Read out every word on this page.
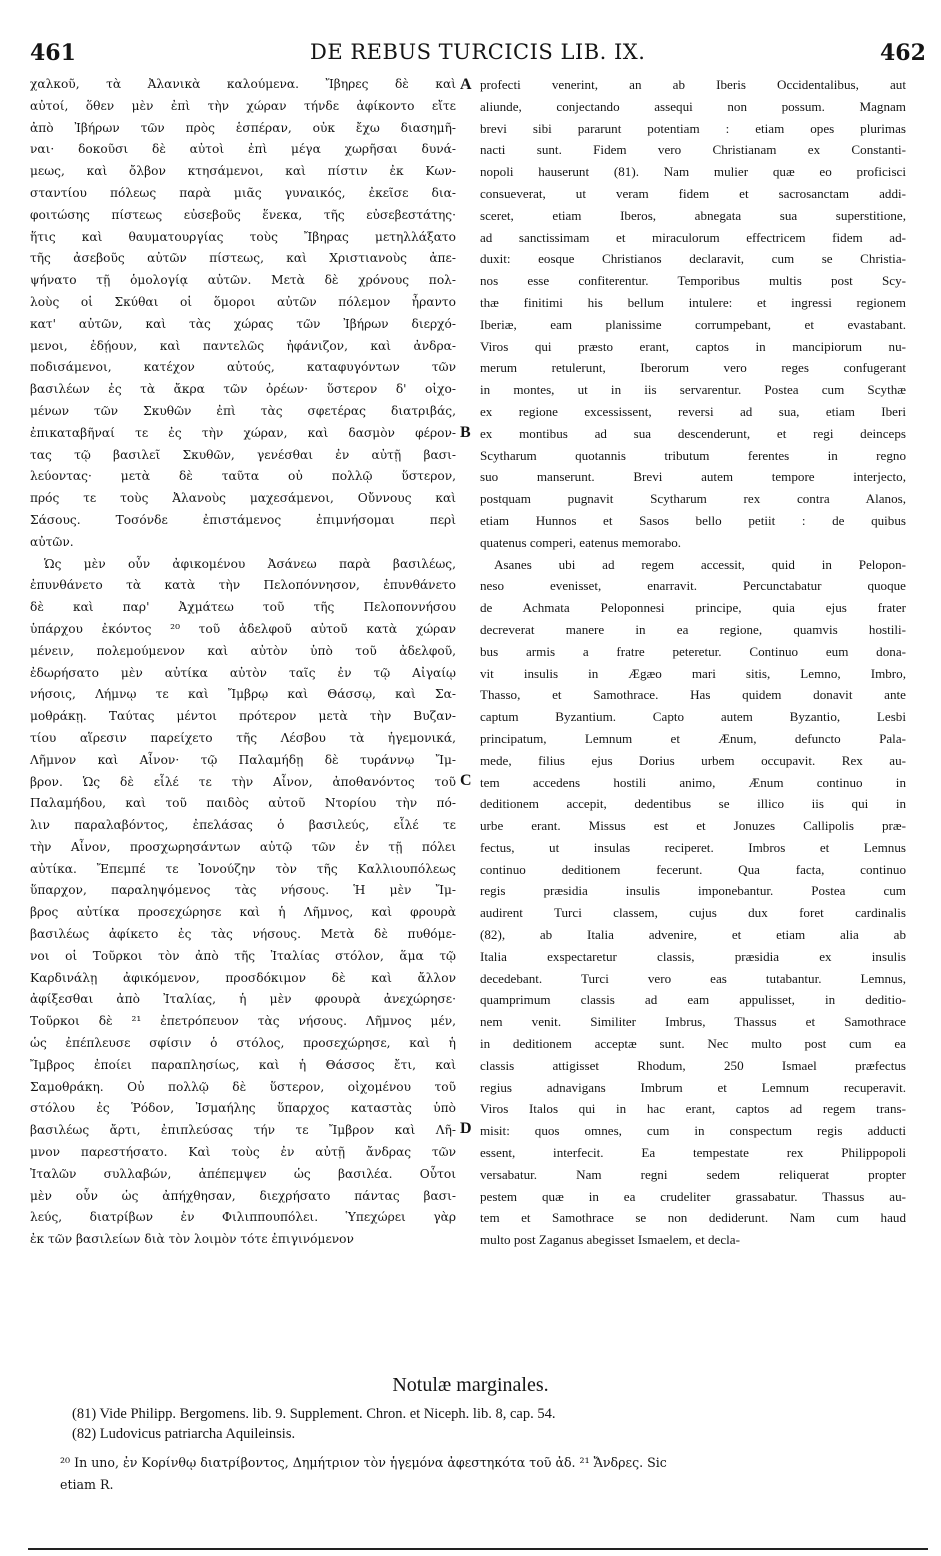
461	DE REBUS TURCICIS LIB. IX.	462

χαλκοῦ, τὰ Ἀλανικὰ καλούμενα. Ἴβηρες δὲ καὶ

αὐτοί, ὅθεν μὲν ἐπὶ τὴν χώραν τήνδε ἀφίκοντο εἴτε

ἀπὸ Ἰβήρων τῶν πρὸς ἑσπέραν, οὐκ ἔχω διασημῆ-

ναι· δοκοῦσι δὲ αὐτοὶ ἐπὶ μέγα χωρῆσαι δυνά-

μεως, καὶ ὄλβον κτησάμενοι, καὶ πίστιν ἐκ Κων-

σταντίου πόλεως παρὰ μιᾶς γυναικός, ἐκεῖσε δια-

φοιτώσης πίστεως εὐσεβοῦς ἕνεκα, τῆς εὐσεβεστάτης·

ἥτις καὶ θαυματουργίας τοὺς Ἴβηρας μετηλλάξατο

τῆς ἀσεβοῦς αὐτῶν πίστεως, καὶ Χριστιανοὺς ἀπε-

ψήνατο τῇ ὁμολογίᾳ αὐτῶν. Μετὰ δὲ χρόνους πολ-

λοὺς οἱ Σκύθαι οἱ ὅμοροι αὐτῶν πόλεμον ἦραντο

κατ' αὐτῶν, καὶ τὰς χώρας τῶν Ἰβήρων διερχό-

μενοι, ἐδῄουν, καὶ παντελῶς ἠφάνιζον, καὶ ἀνδρα-

ποδισάμενοι, κατέχον αὐτούς, καταφυγόντων τῶν

βασιλέων ἐς τὰ ἄκρα τῶν ὀρέων· ὕστερον δ' οἰχο-

μένων τῶν Σκυθῶν ἐπὶ τὰς σφετέρας διατριβάς,

ἐπικαταβῆναί τε ἐς τὴν χώραν, καὶ δασμὸν φέρον-

τας τῷ βασιλεῖ Σκυθῶν, γενέσθαι ἐν αὐτῇ βασι-

λεύοντας· μετὰ δὲ ταῦτα οὐ πολλῷ ὕστερον,

πρός τε τοὺς Ἀλανοὺς μαχεσάμενοι, Οὔννους καὶ

Σάσους. Τοσόνδε ἐπιστάμενος ἐπιμνήσομαι περὶ

αὐτῶν.

Ὡς μὲν οὖν ἀφικομένου Ἀσάνεω παρὰ βασιλέως,

ἐπυνθάνετο τὰ κατὰ τὴν Πελοπόννησον, ἐπυνθάνετο

δὲ καὶ παρ' Ἀχμάτεω τοῦ τῆς Πελοποννήσου

ὑπάρχου ἐκόντος ²⁰ τοῦ ἀδελφοῦ αὐτοῦ κατὰ χώραν

μένειν, πολεμούμενον καὶ αὐτὸν ὑπὸ τοῦ ἀδελφοῦ,

ἐδωρήσατο μὲν αὐτίκα αὐτὸν ταῖς ἐν τῷ Αἰγαίῳ

νήσοις, Λήμνῳ τε καὶ Ἴμβρῳ καὶ Θάσσῳ, καὶ Σα-

μοθράκῃ. Ταύτας μέντοι πρότερον μετὰ τὴν Βυζαν-

τίου αἵρεσιν παρείχετο τῆς Λέσβου τὰ ἡγεμονικά,

Λῆμνον καὶ Αἶνον· τῷ Παλαμήδῃ δὲ τυράννῳ Ἴμ-

βρον. Ὡς δὲ εἷλέ τε τὴν Αἶνον, ἀποθανόντος τοῦ

Παλαμήδου, καὶ τοῦ παιδὸς αὐτοῦ Ντορίου τὴν πό-

λιν παραλαβόντος, ἐπελάσας ὁ βασιλεύς, εἷλέ τε

τὴν Αἶνον, προσχωρησάντων αὐτῷ τῶν ἐν τῇ πόλει

αὐτίκα. Ἔπεμπέ τε Ἰονούζην τὸν τῆς Καλλιουπόλεως

ὕπαρχον, παραληψόμενος τὰς νήσους. Ἡ μὲν Ἴμ-

βρος αὐτίκα προσεχώρησε καὶ ἡ Λῆμνος, καὶ φρουρὰ

βασιλέως ἀφίκετο ἐς τὰς νήσους. Μετὰ δὲ πυθόμε-

νοι οἱ Τοῦρκοι τὸν ἀπὸ τῆς Ἰταλίας στόλον, ἅμα τῷ

Καρδινάλῃ ἀφικόμενον, προσδόκιμον δὲ καὶ ἄλλον

ἀφίξεσθαι ἀπὸ Ἰταλίας, ἡ μὲν φρουρὰ ἀνεχώρησε·

Τοῦρκοι δὲ ²¹ ἐπετρόπευον τὰς νήσους. Λῆμνος μέν,

ὡς ἐπέπλευσε σφίσιν ὁ στόλος, προσεχώρησε, καὶ ἡ

Ἴμβρος ἐποίει παραπλησίως, καὶ ἡ Θάσσος ἔτι, καὶ

Σαμοθράκη. Οὐ πολλῷ δὲ ὕστερον, οἰχομένου τοῦ

στόλου ἐς Ῥόδον, Ἰσμαήλης ὕπαρχος καταστὰς ὑπὸ

βασιλέως ἄρτι, ἐπιπλεύσας τήν τε Ἴμβρον καὶ Λῆ-

μνον παρεστήσατο. Καὶ τοὺς ἐν αὐτῇ ἄνδρας τῶν

Ἰταλῶν συλλαβών, ἀπέπεμψεν ὡς βασιλέα. Οὗτοι

μὲν οὖν ὡς ἀπήχθησαν, διεχρήσατο πάντας βασι-

λεύς, διατρίβων ἐν Φιλιππουπόλει. Ὑπεχώρει γὰρ

ἐκ τῶν βασιλείων διὰ τὸν λοιμὸν τότε ἐπιγινόμενον

profecti venerint, an ab Iberis Occidentalibus, aut

aliunde, conjectando assequi non possum. Magnam

brevi sibi pararunt potentiam : etiam opes plurimas

nacti sunt. Fidem vero Christianam ex Constanti-

nopoli hauserunt (81). Nam mulier quæ eo proficisci

consueverat, ut veram fidem et sacrosanctam addi-

sceret, etiam Iberos, abnegata sua superstitione,

ad sanctissimam et miraculorum effectricem fidem ad-

duxit: eosque Christianos declaravit, cum se Christia-

nos esse confiterentur. Temporibus multis post Scy-

thæ finitimi his bellum intulere: et ingressi regionem

Iberiæ, eam planissime corrumpebant, et evastabant.

Viros qui præsto erant, captos in mancipiorum nu-

merum retulerunt, Iberorum vero reges confugerant

in montes, ut in iis servarentur. Postea cum Scythæ

ex regione excessissent, reversi ad sua, etiam Iberi

ex montibus ad sua descenderunt, et regi deinceps

Scytharum quotannis tributum ferentes in regno

suo manserunt. Brevi autem tempore interjecto,

postquam pugnavit Scytharum rex contra Alanos,

etiam Hunnos et Sasos bello petiit : de quibus

quatenus comperi, eatenus memorabo.

Asanes ubi ad regem accessit, quid in Pelopon-

neso evenisset, enarravit. Percunctabatur quoque

de Achmata Peloponnesi principe, quia ejus frater

decreverat manere in ea regione, quamvis hostili-

bus armis a fratre peteretur. Continuo eum dona-

vit insulis in Ægæo mari sitis, Lemno, Imbro,

Thasso, et Samothrace. Has quidem donavit ante

captum Byzantium. Capto autem Byzantio, Lesbi

principatum, Lemnum et Ænum, defuncto Pala-

mede, filius ejus Dorius urbem occupavit. Rex au-

tem accedens hostili animo, Ænum continuo in

deditionem accepit, dedentibus se illico iis qui in

urbe erant. Missus est et Jonuzes Callipolis præ-

fectus, ut insulas reciperet. Imbros et Lemnus

continuo deditionem fecerunt. Qua facta, continuo

regis præsidia insulis imponebantur. Postea cum

audirent Turci classem, cujus dux foret cardinalis

(82), ab Italia advenire, et etiam alia ab

Italia exspectaretur classis, præsidia ex insulis

decedebant. Turci vero eas tutabantur. Lemnus,

quamprimum classis ad eam appulisset, in deditio-

nem venit. Similiter Imbrus, Thassus et Samothrace

in deditionem acceptæ sunt. Nec multo post cum ea

classis attigisset Rhodum, 250 Ismael præfectus

regius adnavigans Imbrum et Lemnum recuperavit.

Viros Italos qui in hac erant, captos ad regem trans-

misit: quos omnes, cum in conspectum regis adducti

essent, interfecit. Ea tempestate rex Philippopoli

versabatur. Nam regni sedem reliquerat propter

pestem quæ in ea crudeliter grassabatur. Thassus au-

tem et Samothrace se non dediderunt. Nam cum haud

multo post Zaganus abegisset Ismaelem, et decla-

A
B
C
D
Notulæ marginales.
(81) Vide Philipp. Bergomens. lib. 9. Supplement. Chron. et Niceph. lib. 8, cap. 54.
(82) Ludovicus patriarcha Aquileinsis.
²⁰ In uno, ἐν Κορίνθῳ διατρίβοντος, Δημήτριον τὸν ἡγεμόνα ἀφεστηκότα τοῦ ἀδ. ²¹ Ἄνδρες. Sic
etiam R.
